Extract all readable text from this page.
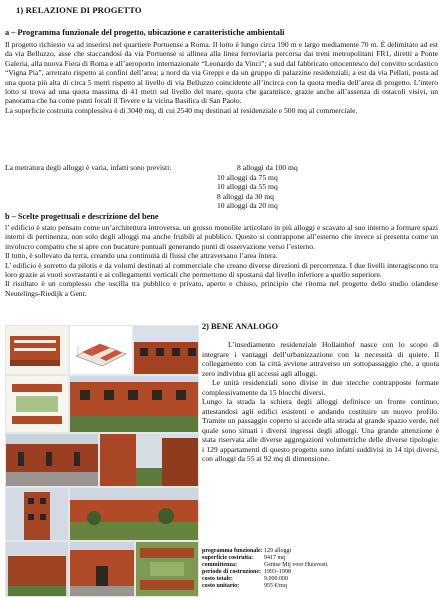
1) RELAZIONE DI PROGETTO
a – Programma funzionale del progetto, ubicazione e caratteristiche ambientali

Il progetto richiesto va ad inserirsi nel quartiere Portuense a Roma. Il lotto è lungo circa 190 m e largo mediamente 70 m. È delimitato ad est da via Belluzzo, asse che staccandosi da via Portuense si allinea alla linea ferroviaria percorsa dai treni metropolitani FR1, diretti a Ponte Galeria, alla nuova Fiera di Roma e all’aeroporto internazionale “Leonardo da Vinci”; a sud dal fabbricato ottocentesco del convitto scolastico “Vigna Pia”, arretrato rispetto ai confini dell’area; a nord da via Greppi e da un gruppo di palazzine residenziali; a est da via Pellati, posta ad una quota più alta di circa 5 metri rispetto al livello di via Belluzzo coincidente all’incirca con la quota media dell’area di progetto. L’intero lotto si trova ad una quota massima di 41 metri sul livello del mare, quota che garantisce, grazie anche all’assenza di ostacoli visivi, un panorama che ha come punti focali il Tevere e la vicina Basilica di San Paolo.

La superficie costruita complessiva è di 3040 mq, di cui 2540 mq destinati al residenziale e 500 mq al commerciale.

La metratura degli alloggi è varia, infatti sono previsti:	8 alloggi da 100 mq
10 alloggi da 75 mq
10 alloggi da 55 mq
8 alloggi da 30 mq
10 alloggi da 20 mq
b – Scelte progettuali e descrizione del bene

l’ edificio è stato pensato come un’architettura introversa, un grosso monolite articolato in più alloggi e scavato al suo interno a formare spazi interni di pertinenza, non solo degli alloggi ma anche fruibili al pubblico. Questo si contrappone all’esterno che invece si presenta come un involucro compatto che si apre con bucature puntuali generando punti di osservazione verso l’esterno.

Il tutto, è sollevato da terra, creando una continuità di flussi che attraversano l’area intera.

L’ edificio è sorretto da pilotis e da volumi destinati al commerciale che creano diverse direzioni di percorrenza. I due livelli interagiscono tra loro grazie ai vuoti sovrastanti e ai collegamenti verticali che permettono di spostarsi dal livello inferiore a quello superiore.

Il risultato è un complesso che oscilla tra pubblico e privato, aperto e chiuso, principio che ritorna nel progetto dello studio olandese Neutelings-Riedijk a Gent.

2) BENE ANALOGO

L’insediamento residenziale Hollainhof nasce con lo scopo di integrare i vantaggi dell’urbanizzazione con la necessità di quiete. Il collegamento con la città avviene attraverso un sottopassaggio che, a quota zero individua gli accessi agli alloggi.

Le unità residenziali sono divise in due stecche contrapposte formate complessivamente da 15 blocchi diversi.

Lungo la strada la schiera degli alloggi definisce un fronte continuo, attestandosi agli edifici esistenti e andando costituire un nuovo profilo. Tramite un passaggio coperto si accede alla strada al grande spazio verde, nel quale sono situati i diversi ingressi degli alloggi. Una grande attenzione è stata riservata alle diverse aggregazioni volumetriche delle diverse tipologie: i 129 appartamenti di questo progetto sono infatti suddivisi in 14 tipi diversi, con alloggi da 55 ai 92 mq di dimensione.

programma funzionale: 129 alloggi
superficie costruita:	9417 mq
committenza:	Gentse Mij voor Huisvesti
periodo di costruzione: 1993–1998
costo totale:	9.000.000
costo unitario:	955 €/mq
